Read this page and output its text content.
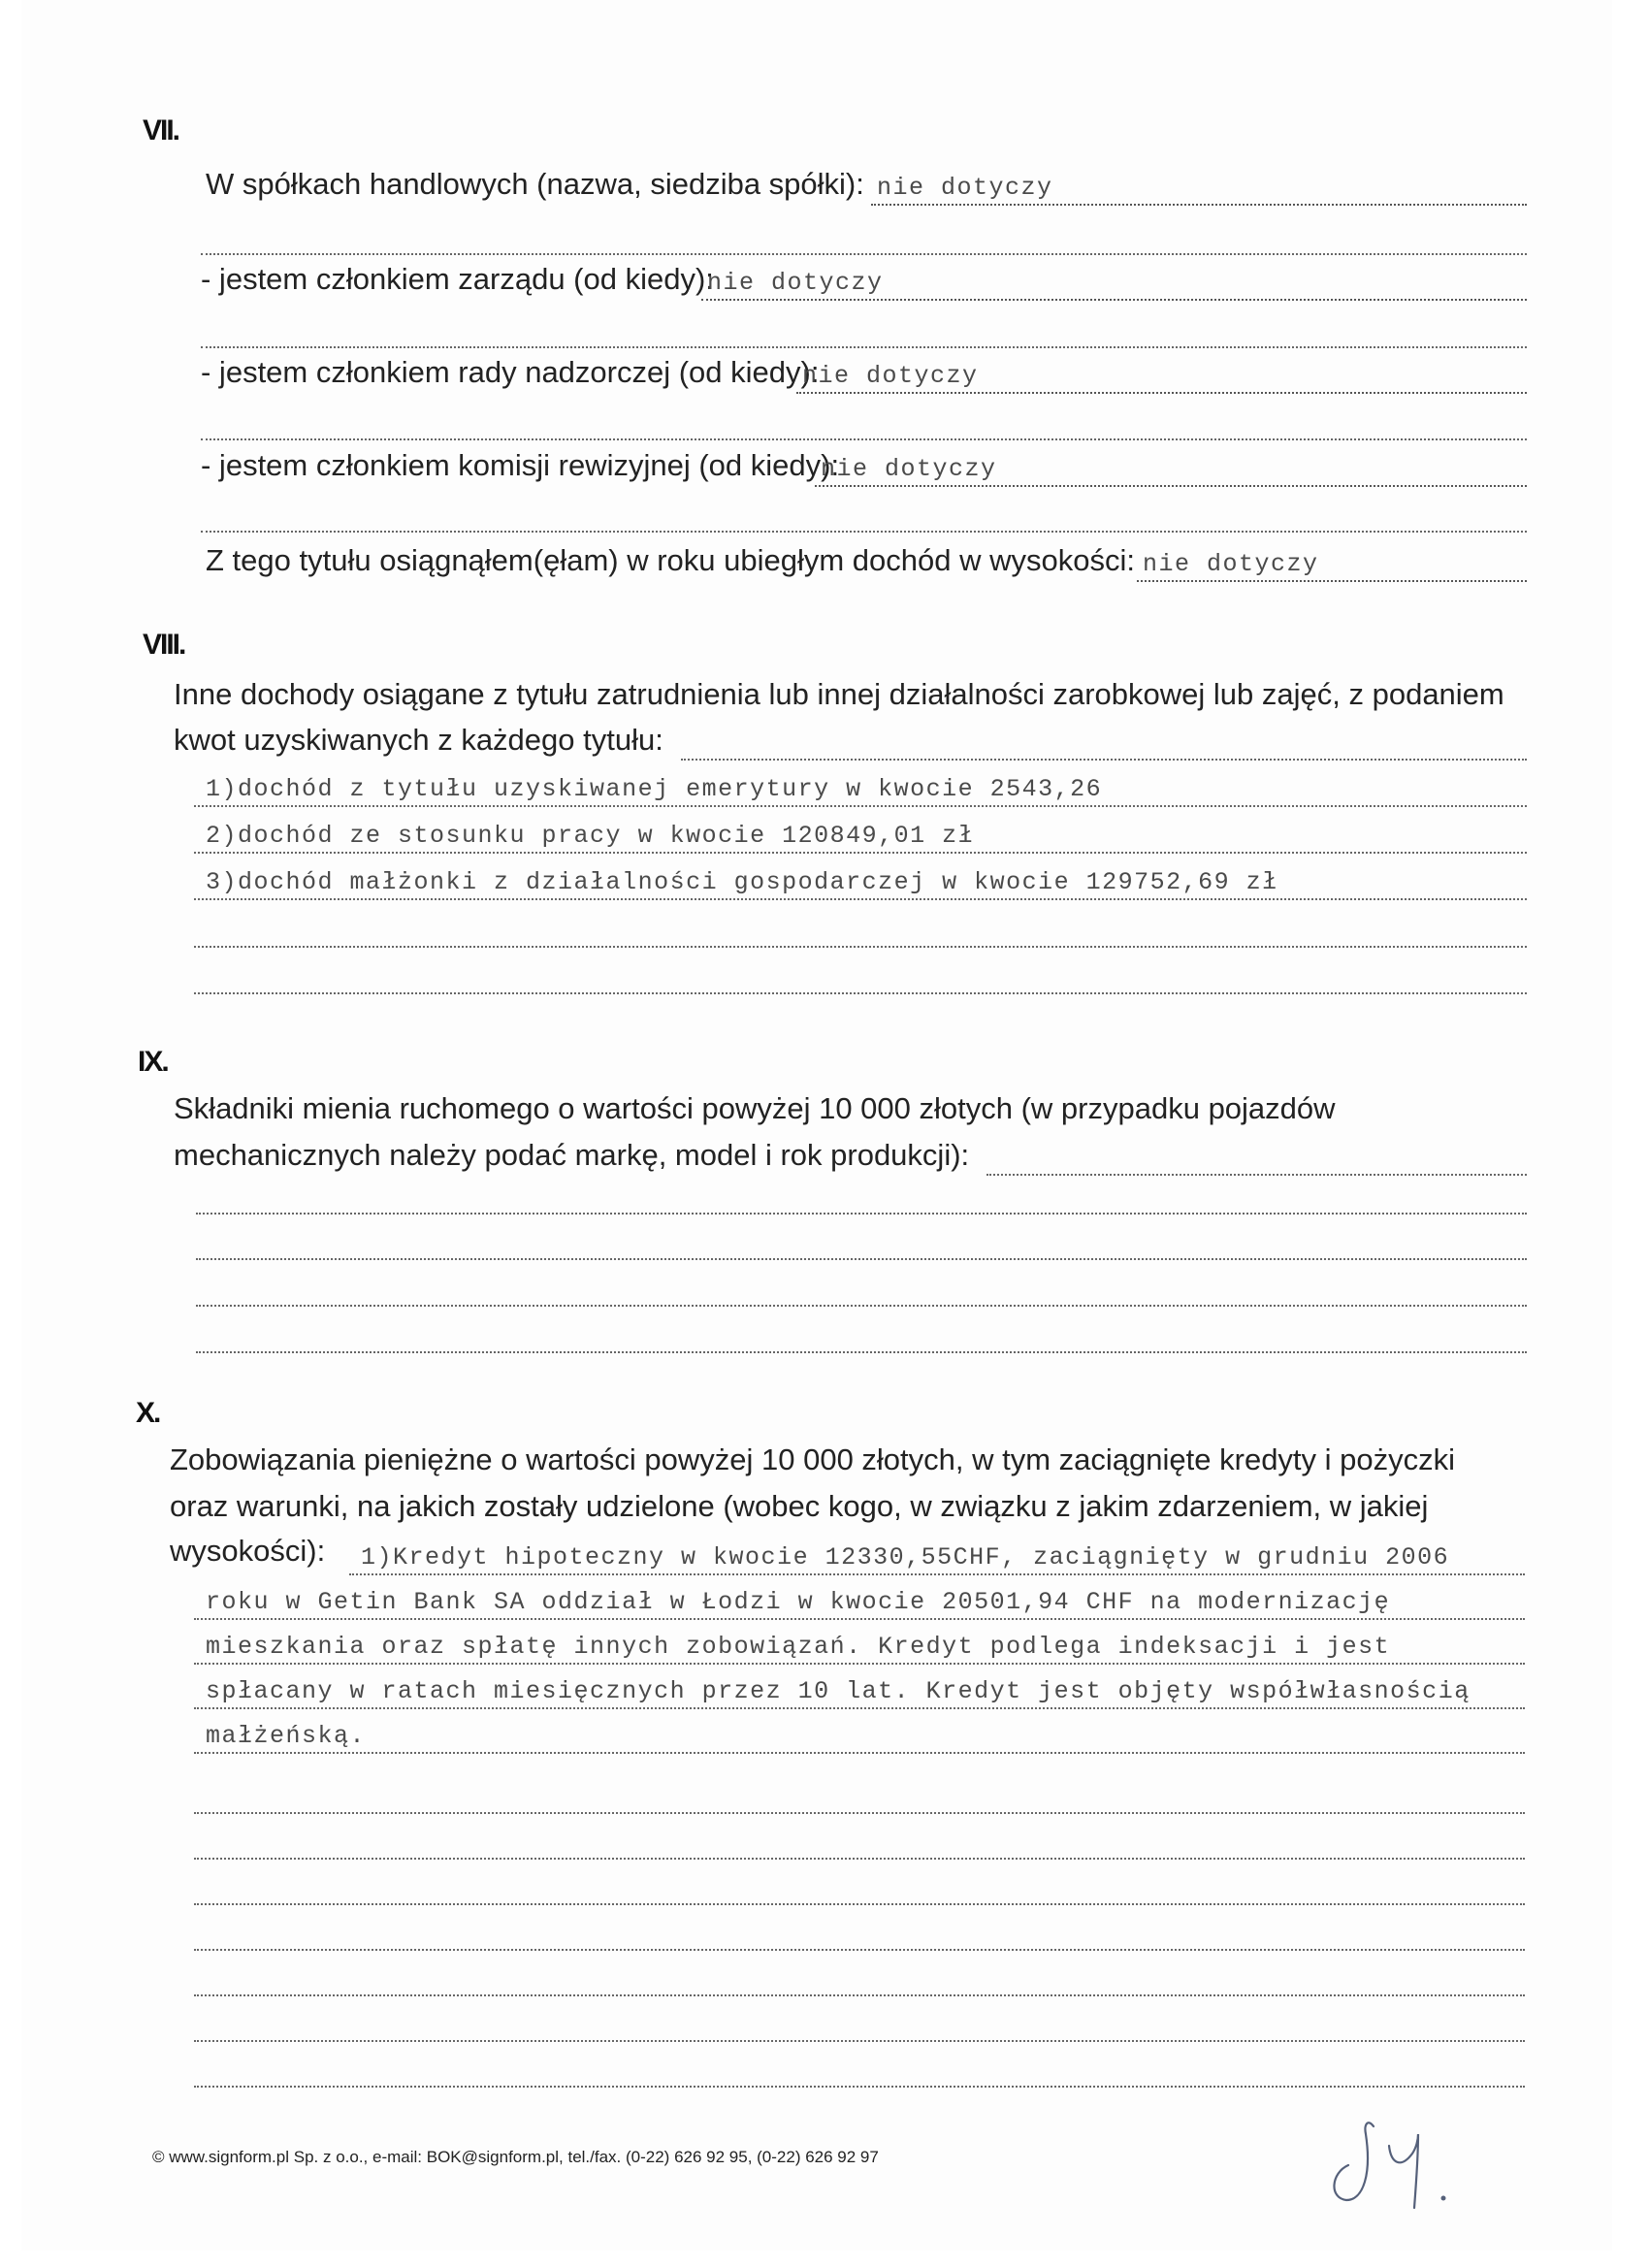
VII.
W spółkach handlowych (nazwa, siedziba spółki): nie dotyczy
- jestem członkiem zarządu (od kiedy):
nie dotyczy
- jestem członkiem rady nadzorczej (od kiedy):
nie dotyczy
- jestem członkiem komisji rewizyjnej (od kiedy):
nie dotyczy
Z tego tytułu osiągnąłem(ęłam) w roku ubiegłym dochód w wysokości: nie dotyczy
VIII.
Inne dochody osiągane z tytułu zatrudnienia lub innej działalności zarobkowej lub zajęć, z podaniem
kwot uzyskiwanych z każdego tytułu:
1)dochód z tytułu uzyskiwanej emerytury w kwocie 2543,26
2)dochód ze stosunku pracy w kwocie 120849,01 zł
3)dochód małżonki z działalności gospodarczej w kwocie 129752,69 zł
IX.
Składniki mienia ruchomego o wartości powyżej 10 000 złotych (w przypadku pojazdów
mechanicznych należy podać markę, model i rok produkcji):
X.
Zobowiązania pieniężne o wartości powyżej 10 000 złotych, w tym zaciągnięte kredyty i pożyczki
oraz warunki, na jakich zostały udzielone (wobec kogo, w związku z jakim zdarzeniem, w jakiej
wysokości): 1)Kredyt hipoteczny w kwocie 12330,55CHF, zaciągnięty w grudniu 2006
roku w Getin Bank SA oddział w Łodzi w kwocie 20501,94 CHF na modernizację
mieszkania oraz spłatę innych zobowiązań. Kredyt podlega indeksacji i jest
spłacany w ratach miesięcznych przez 10 lat. Kredyt jest objęty współwłasnością
małżeńską.
© www.signform.pl Sp. z o.o., e-mail: BOK@signform.pl, tel./fax. (0-22) 626 92 95, (0-22) 626 92 97
